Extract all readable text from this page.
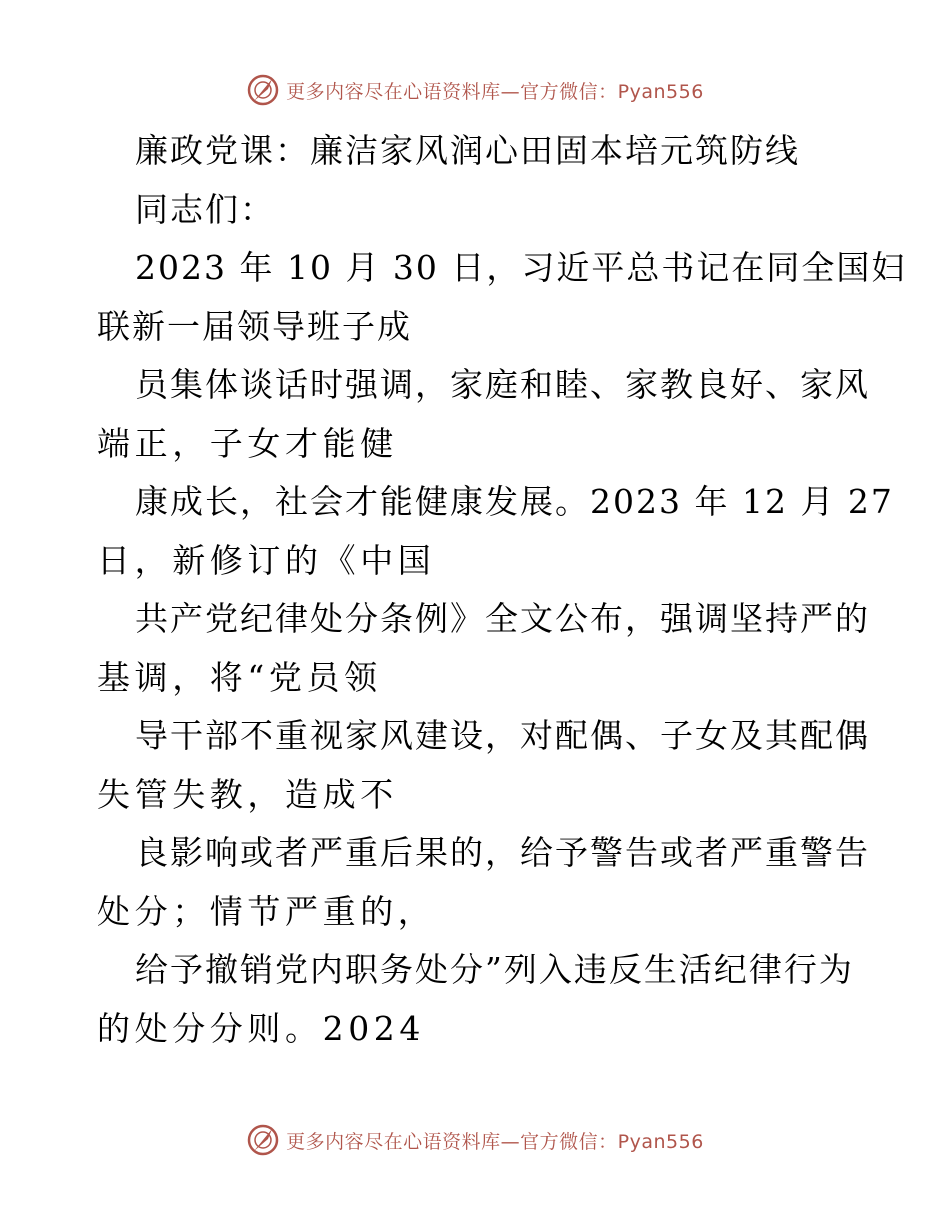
更多内容尽在心语资料库—官方微信：Pyan556
廉政党课：廉洁家风润心田固本培元筑防线
同志们：
2023 年 10 月 30 日，习近平总书记在同全国妇
联新一届领导班子成
员集体谈话时强调，家庭和睦、家教良好、家风
端正，子女才能健
康成长，社会才能健康发展。2023 年 12 月 27
日，新修订的《中国
共产党纪律处分条例》全文公布，强调坚持严的
基调，将“党员领
导干部不重视家风建设，对配偶、子女及其配偶
失管失教，造成不
良影响或者严重后果的，给予警告或者严重警告
处分；情节严重的，
给予撤销党内职务处分”列入违反生活纪律行为
的处分分则。2024
更多内容尽在心语资料库—官方微信：Pyan556
